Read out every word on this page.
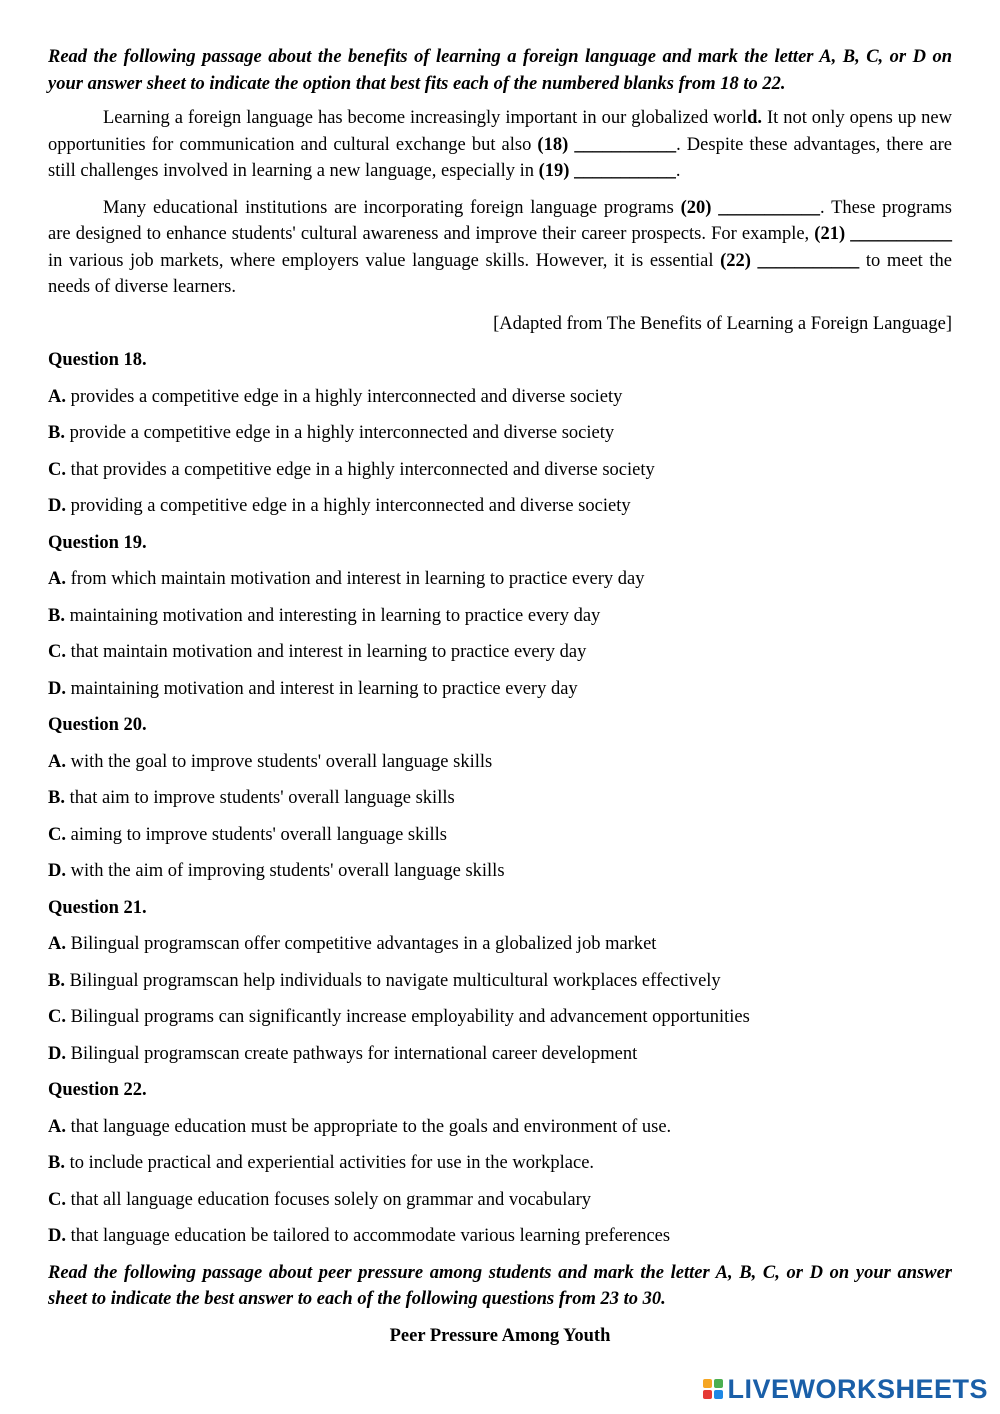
Read the following passage about the benefits of learning a foreign language and mark the letter A, B, C, or D on your answer sheet to indicate the option that best fits each of the numbered blanks from 18 to 22.

Learning a foreign language has become increasingly important in our globalized world. It not only opens up new opportunities for communication and cultural exchange but also (18) ___________. Despite these advantages, there are still challenges involved in learning a new language, especially in (19) ___________.

Many educational institutions are incorporating foreign language programs (20) ___________. These programs are designed to enhance students' cultural awareness and improve their career prospects. For example, (21) ___________ in various job markets, where employers value language skills. However, it is essential (22) ___________ to meet the needs of diverse learners.

[Adapted from The Benefits of Learning a Foreign Language]

Question 18.

A. provides a competitive edge in a highly interconnected and diverse society

B. provide a competitive edge in a highly interconnected and diverse society

C. that provides a competitive edge in a highly interconnected and diverse society

D. providing a competitive edge in a highly interconnected and diverse society

Question 19.

A. from which maintain motivation and interest in learning to practice every day

B. maintaining motivation and interesting in learning to practice every day

C. that maintain motivation and interest in learning to practice every day

D. maintaining motivation and interest in learning to practice every day

Question 20.

A. with the goal to improve students' overall language skills

B. that aim to improve students' overall language skills

C. aiming to improve students' overall language skills

D. with the aim of improving students' overall language skills

Question 21.

A. Bilingual programscan offer competitive advantages in a globalized job market

B. Bilingual programscan help individuals to navigate multicultural workplaces effectively

C. Bilingual programs can significantly increase employability and advancement opportunities

D. Bilingual programscan create pathways for international career development

Question 22.

A. that language education must be appropriate to the goals and environment of use.

B. to include practical and experiential activities for use in the workplace.

C. that all language education focuses solely on grammar and vocabulary

D. that language education be tailored to accommodate various learning preferences

Read the following passage about peer pressure among students and mark the letter A, B, C, or D on your answer sheet to indicate the best answer to each of the following questions from 23 to 30.

Peer Pressure Among Youth

LIVEWORKSHEETS
